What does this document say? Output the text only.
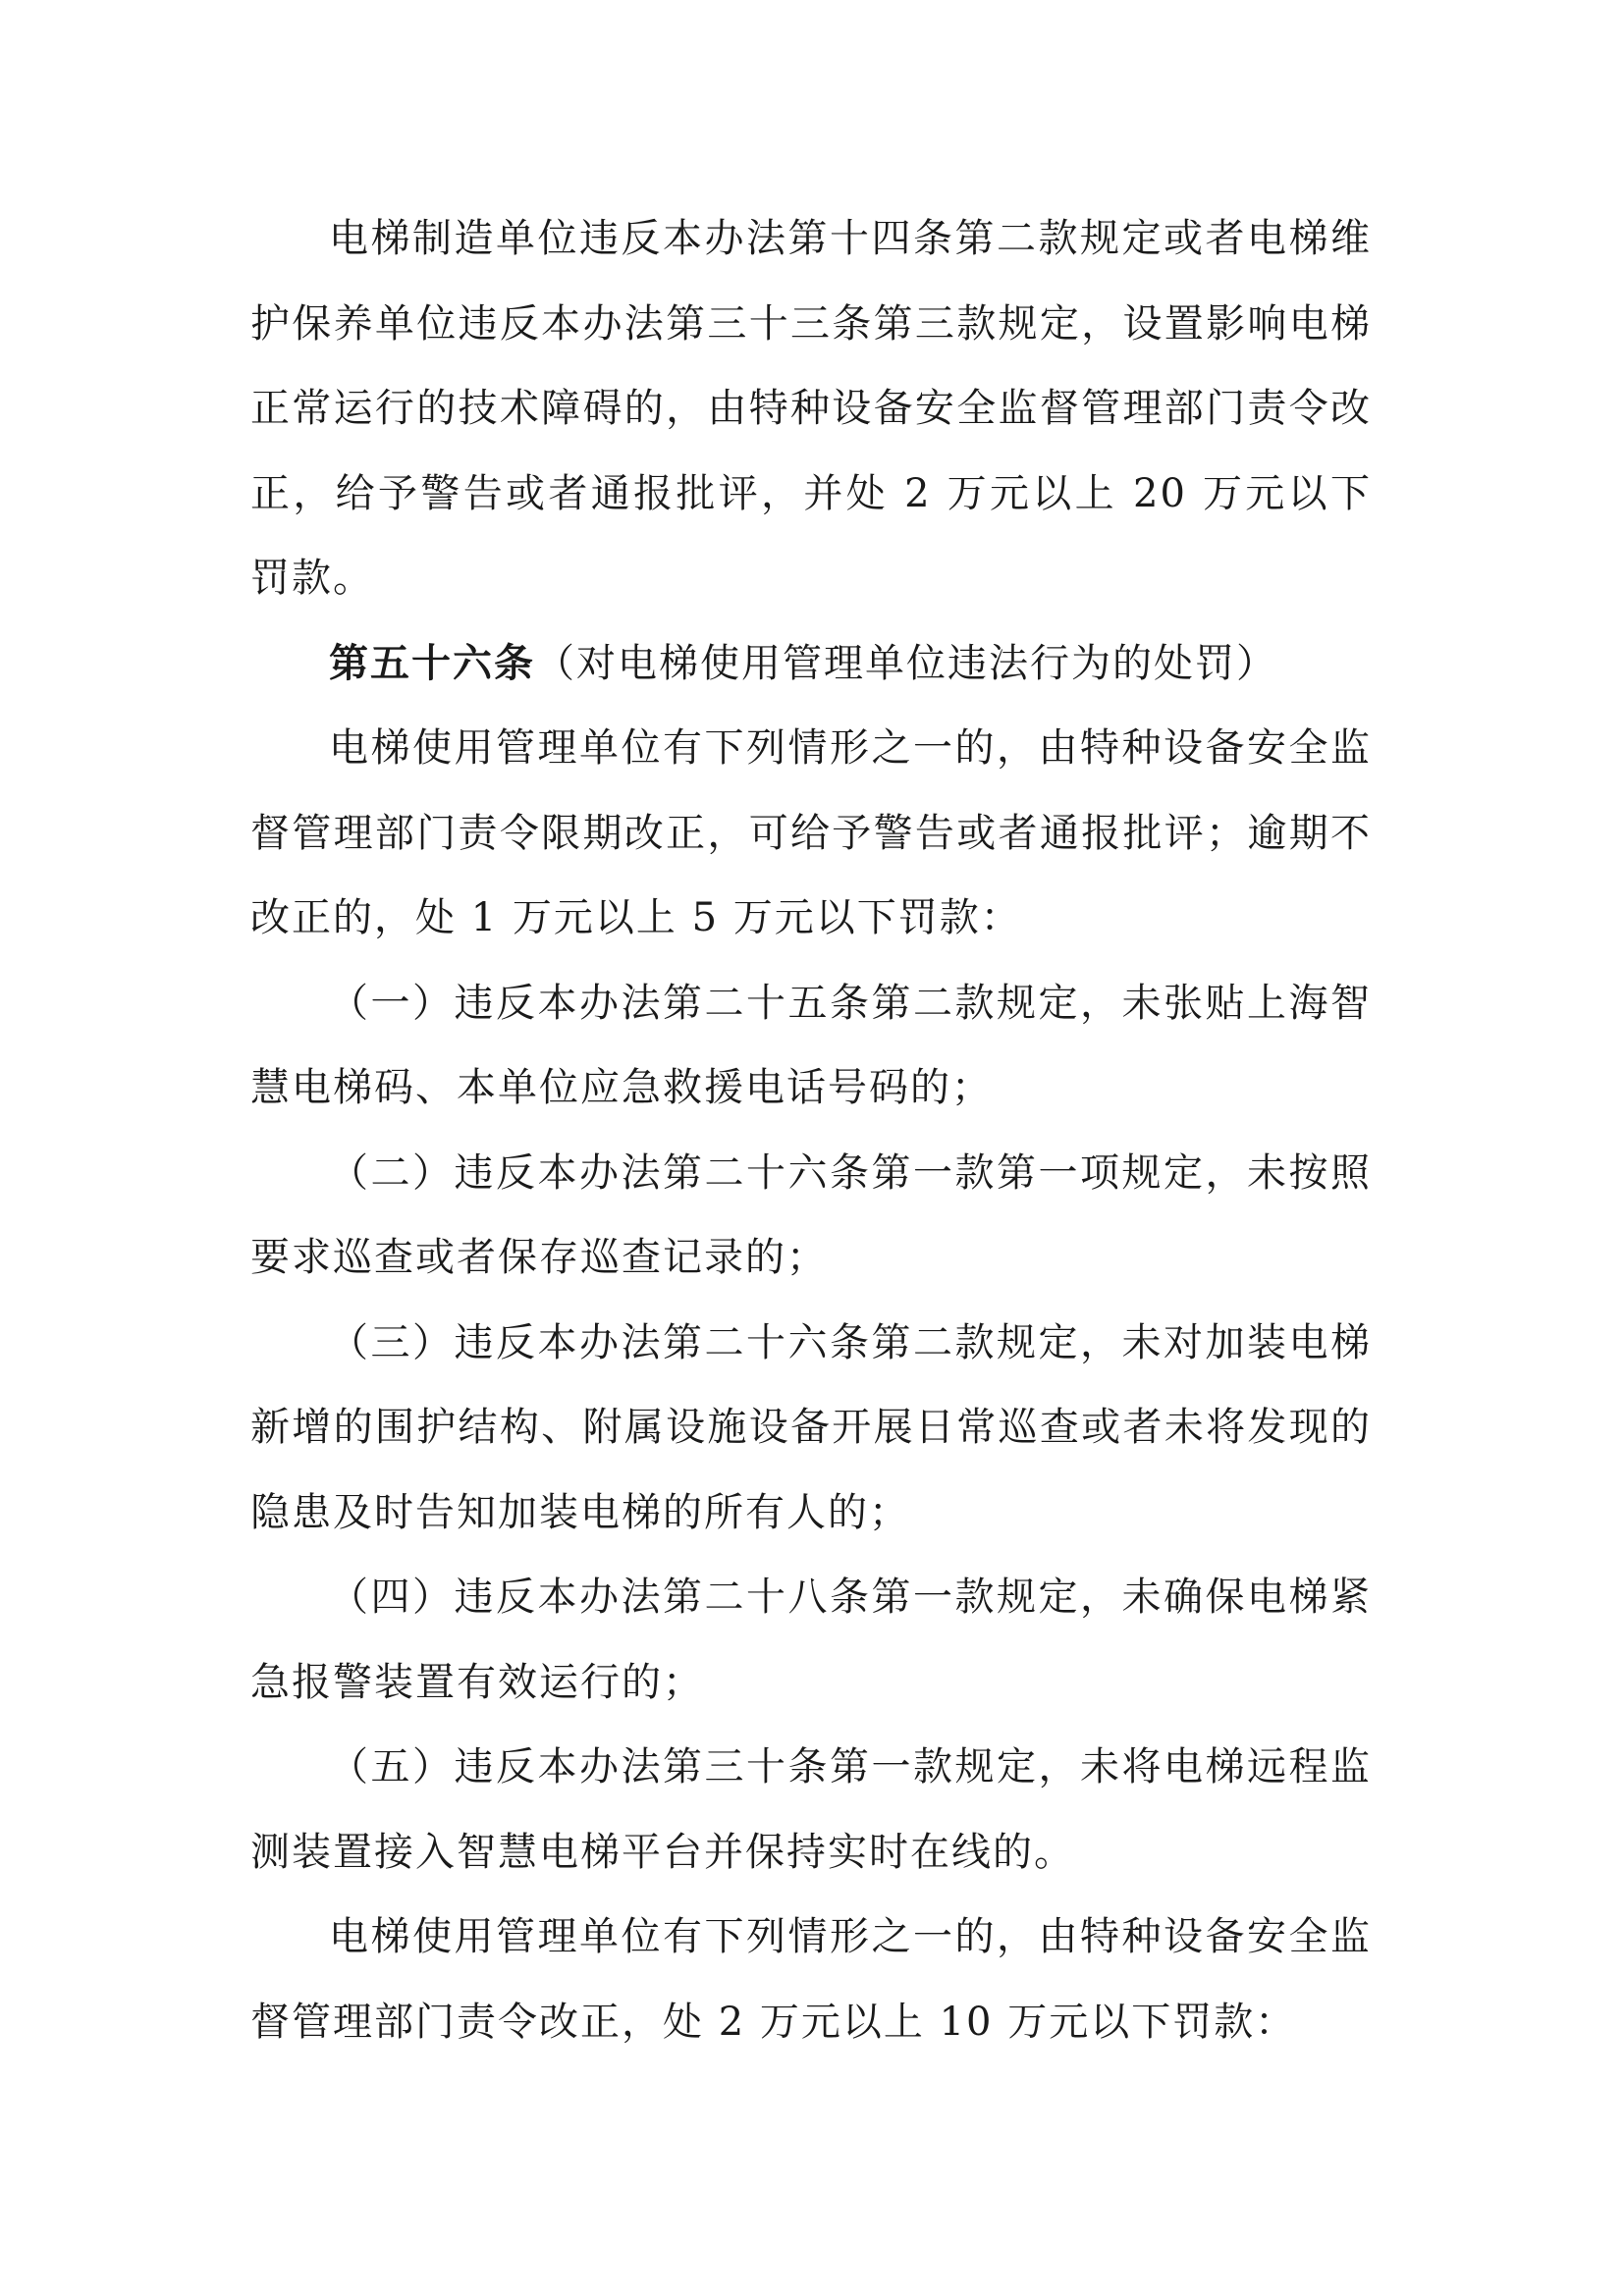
电梯制造单位违反本办法第十四条第二款规定或者电梯维护保养单位违反本办法第三十三条第三款规定，设置影响电梯正常运行的技术障碍的，由特种设备安全监督管理部门责令改正，给予警告或者通报批评，并处 2 万元以上 20 万元以下罚款。

第五十六条（对电梯使用管理单位违法行为的处罚）

电梯使用管理单位有下列情形之一的，由特种设备安全监督管理部门责令限期改正，可给予警告或者通报批评；逾期不改正的，处 1 万元以上 5 万元以下罚款：

（一）违反本办法第二十五条第二款规定，未张贴上海智慧电梯码、本单位应急救援电话号码的；

（二）违反本办法第二十六条第一款第一项规定，未按照要求巡查或者保存巡查记录的；

（三）违反本办法第二十六条第二款规定，未对加装电梯新增的围护结构、附属设施设备开展日常巡查或者未将发现的隐患及时告知加装电梯的所有人的；

（四）违反本办法第二十八条第一款规定，未确保电梯紧急报警装置有效运行的；

（五）违反本办法第三十条第一款规定，未将电梯远程监测装置接入智慧电梯平台并保持实时在线的。

电梯使用管理单位有下列情形之一的，由特种设备安全监督管理部门责令改正，处 2 万元以上 10 万元以下罚款：
